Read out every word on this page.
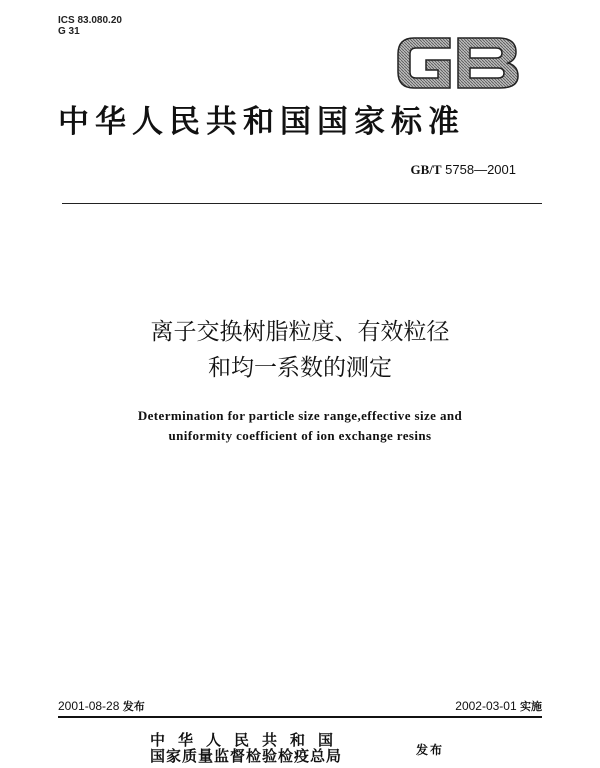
ICS 83.080.20
G 31	GB
中华人民共和国国家标准
GB/T 5758—2001
离子交换树脂粒度、有效粒径
和均一系数的测定
Determination for particle size range,effective size and
uniformity coefficient of ion exchange resins
2001-08-28 发布	2002-03-01 实施
中华人民共和国
国家质量监督检验检疫总局	发布
